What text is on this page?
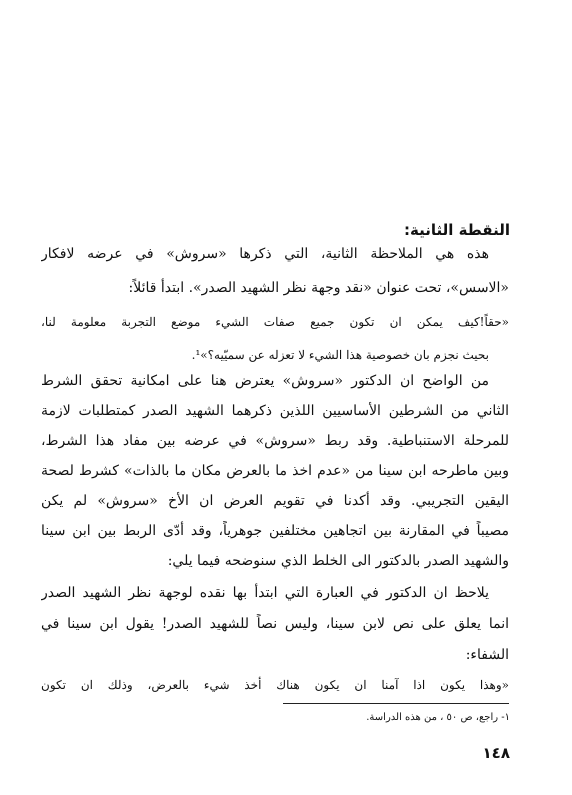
النقطة الثانية:
هذه هي الملاحظة الثانية، التي ذكرها «سروش» في عرضه لافكار
«الاسس»، تحت عنوان «نقد وجهة نظر الشهيد الصدر». ابتدأ قائلاً:
«حقاً!كيف يمكن ان تكون جميع صفات الشيء موضع التجربة معلومة لنا،
بحيث نجزم بان خصوصية هذا الشيء لا تعزله عن سميّيه؟»¹.
من الواضح ان الدكتور «سروش» يعترض هنا على امكانية تحقق الشرط
الثاني من الشرطين الأساسيين اللذين ذكرهما الشهيد الصدر كمتطلبات لازمة
للمرحلة الاستنباطية. وقد ربط «سروش» في عرضه بين مفاد هذا الشرط،
وبين ماطرحه ابن سينا من «عدم اخذ ما بالعرض مكان ما بالذات» كشرط لصحة
اليقين التجريبي. وقد أكدنا في تقويم العرض ان الأخ «سروش» لم يكن
مصيباً في المقارنة بين اتجاهين مختلفين جوهرياً، وقد أدّى الربط بين ابن سينا
والشهيد الصدر بالدكتور الى الخلط الذي سنوضحه فيما يلي:
يلاحظ ان الدكتور في العبارة التي ابتدأ بها نقده لوجهة نظر الشهيد الصدر
انما يعلق على نص لابن سينا، وليس نصاً للشهيد الصدر! يقول ابن سينا في
الشفاء:
«وهذا يكون اذا آمنا ان يكون هناك أخذ شيء بالعرض، وذلك ان تكون
١- راجع، ص ٥٠ ، من هذه الدراسة.
١٤٨
